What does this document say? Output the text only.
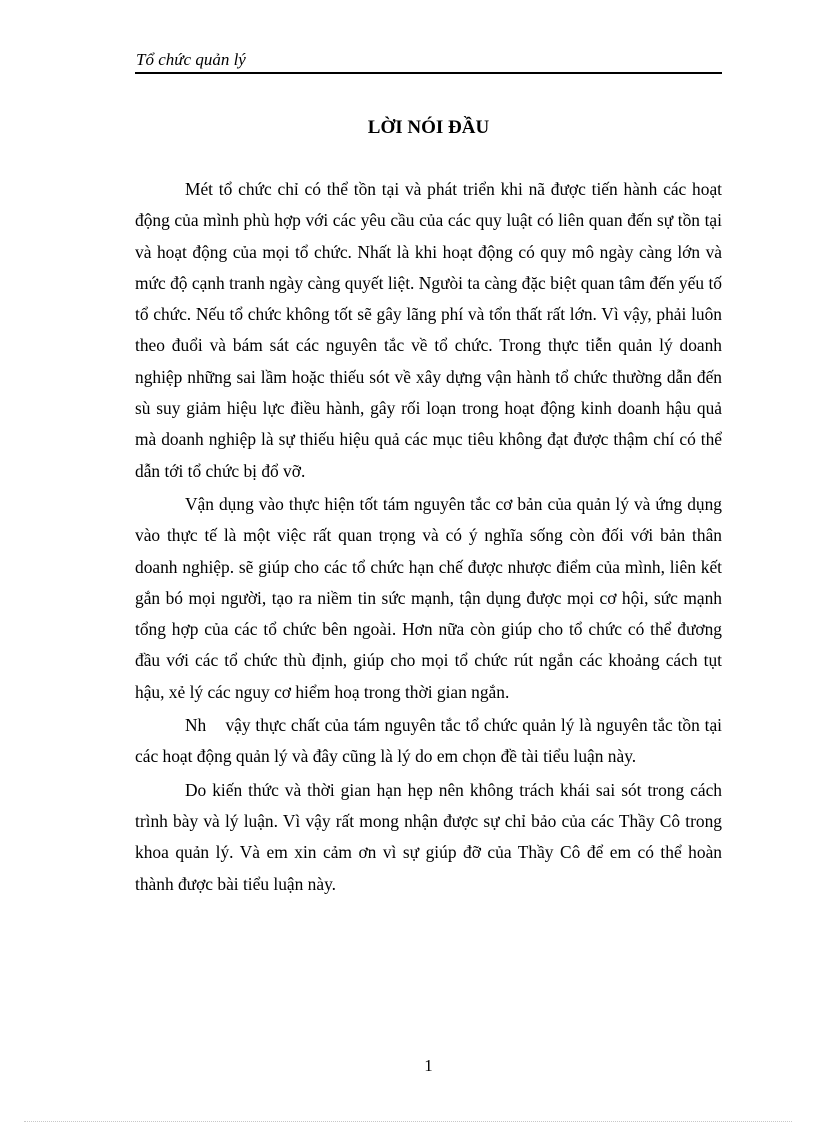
Tổ chức quản lý
LỜI NÓI ĐẦU

Mét tổ chức chỉ có thể tồn tại và phát triển khi nã được tiến hành các hoạt động của mình phù hợp với các yêu cầu của các quy luật có liên quan đến sự tồn tại và hoạt động của mọi tổ chức. Nhất là khi hoạt động có quy mô ngày càng lớn và mức độ cạnh tranh ngày càng quyết liệt. Ngưòi ta càng đặc biệt quan tâm đến yếu tố tổ chức. Nếu tổ chức không tốt sẽ gây lãng phí và tổn thất rất lớn. Vì vậy, phải luôn theo đuổi và bám sát các nguyên tắc về tổ chức. Trong thực tiễn quản lý doanh nghiệp những sai lầm hoặc thiếu sót về xây dựng vận hành tổ chức thường dẫn đến sù suy giảm hiệu lực điều hành, gây rối loạn trong hoạt động kinh doanh hậu quả mà doanh nghiệp là sự thiếu hiệu quả các mục tiêu không đạt được thậm chí có thể dẫn tới tổ chức bị đổ vỡ.

Vận dụng vào thực hiện tốt tám nguyên tắc cơ bản của quản lý và ứng dụng vào thực tế là một việc rất quan trọng và có ý nghĩa sống còn đối với bản thân doanh nghiệp. sẽ giúp cho các tổ chức hạn chế được nhược điểm của mình, liên kết gắn bó mọi người, tạo ra niềm tin sức mạnh, tận dụng được mọi cơ hội, sức mạnh tổng hợp của các tổ chức bên ngoài. Hơn nữa còn giúp cho tổ chức có thể đương đầu với các tổ chức thù định, giúp cho mọi tổ chức rút ngắn các khoảng cách tụt hậu, xẻ lý các nguy cơ hiểm hoạ trong thời gian ngắn.

Nh    vậy thực chất của tám nguyên tắc tổ chức quản lý là nguyên tắc tồn tại các hoạt động quản lý và đây cũng là lý do em chọn đề tài tiểu luận này.

Do kiến thức và thời gian hạn hẹp nên không trách khái sai sót trong cách trình bày và lý luận. Vì vậy rất mong nhận được sự chỉ bảo của các Thầy Cô trong khoa quản lý. Và em xin cảm ơn vì sự giúp đỡ của Thầy Cô để em có thể hoàn thành được bài tiểu luận này.

1
